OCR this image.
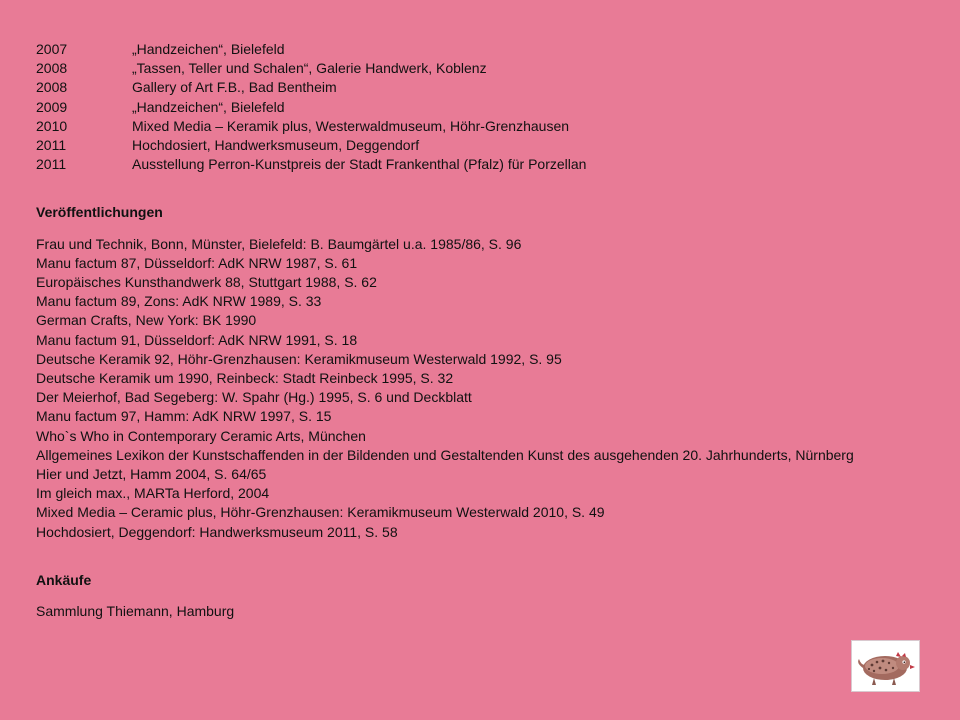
2007	„Handzeichen“, Bielefeld
2008	„Tassen, Teller und Schalen“, Galerie Handwerk, Koblenz
2008	Gallery of Art F.B., Bad Bentheim
2009	„Handzeichen“, Bielefeld
2010	Mixed Media – Keramik plus, Westerwaldmuseum, Höhr-Grenzhausen
2011	Hochdosiert, Handwerksmuseum, Deggendorf
2011	Ausstellung Perron-Kunstpreis der Stadt Frankenthal (Pfalz) für Porzellan
Veröffentlichungen
Frau und Technik, Bonn, Münster, Bielefeld: B. Baumgärtel u.a. 1985/86, S. 96
Manu factum 87, Düsseldorf: AdK NRW 1987, S. 61
Europäisches Kunsthandwerk 88, Stuttgart 1988, S. 62
Manu factum 89, Zons: AdK NRW 1989, S. 33
German Crafts, New York: BK 1990
Manu factum 91, Düsseldorf: AdK NRW 1991, S. 18
Deutsche Keramik 92, Höhr-Grenzhausen: Keramikmuseum Westerwald 1992, S. 95
Deutsche Keramik um 1990, Reinbeck: Stadt Reinbeck 1995, S. 32
Der Meierhof, Bad Segeberg: W. Spahr (Hg.) 1995, S. 6 und Deckblatt
Manu factum 97, Hamm: AdK NRW 1997, S. 15
Who`s Who in Contemporary Ceramic Arts, München
Allgemeines Lexikon der Kunstschaffenden in der Bildenden und Gestaltenden Kunst des ausgehenden 20. Jahrhunderts, Nürnberg
Hier und Jetzt, Hamm 2004, S. 64/65
Im gleich max., MARTa Herford, 2004
Mixed Media – Ceramic plus, Höhr-Grenzhausen: Keramikmuseum Westerwald 2010, S. 49
Hochdosiert, Deggendorf: Handwerksmuseum 2011, S. 58
Ankäufe
Sammlung Thiemann, Hamburg
